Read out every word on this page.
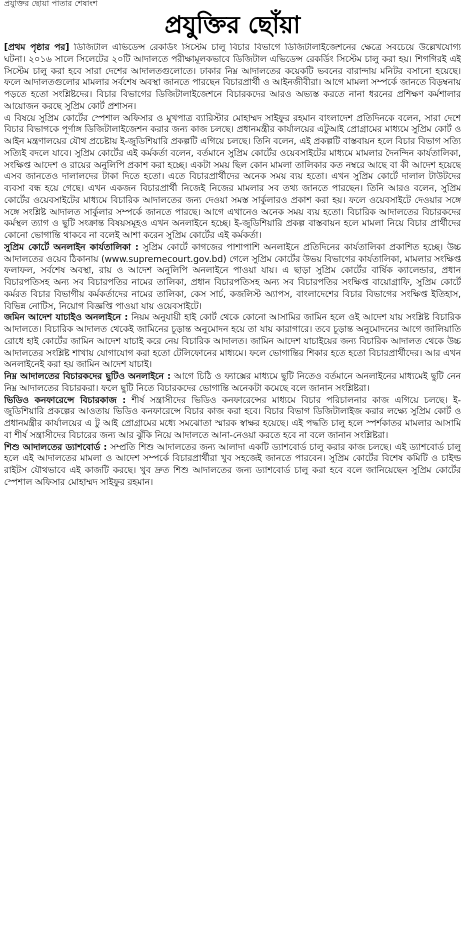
প্রযুক্তির ছোঁয়া পাতার শেষাংশ
প্রযুক্তির ছোঁয়া

[প্রথম পৃষ্ঠার পর] ডিজিটাল এভিডেন্স রেকর্ডিং সিস্টেম চালু বিচার বিভাগে ডিজিটালাইজেশনের ক্ষেত্রে সবচেয়ে উল্লেখযোগ্য ঘটনা। ২০১৬ সালে সিলেটের ২০টি আদালতে পরীক্ষামূলকভাবে ডিজিটাল এভিডেন্স রেকর্ডিং সিস্টেম চালু করা হয়। শিগগিরই এই সিস্টেম চালু করা হবে সারা দেশের আদালতগুলোতে। ঢাকার নিম্ন আদালতের কয়েকটি ভবনের বারান্দায় মনিটর বসানো হয়েছে। ফলে আদালতগুলোর মামলার সর্বশেষ অবস্থা জানতে পারছেন বিচারপ্রার্থী ও আইনজীবীরা। আগে মামলা সম্পর্কে জানতে বিড়ম্বনায় পড়তে হতো সংশ্লিষ্টদের। বিচার বিভাগের ডিজিটালাইজেশনে বিচারকদের আরও অভ্যস্ত করতে নানা ধরনের প্রশিক্ষণ কর্মশালার আয়োজন করছে সুপ্রিম কোর্ট প্রশাসন।

এ বিষয়ে সুপ্রিম কোর্টের স্পেশাল অফিসার ও মুখপাত্র ব্যারিস্টার মোহাম্মদ সাইফুর রহমান বাংলাদেশ প্রতিদিনকে বলেন, সারা দেশে বিচার বিভাগকে পূর্ণাঙ্গ ডিজিটালাইজেশন করার জন্য কাজ চলছে। প্রধানমন্ত্রীর কার্যালয়ের এটুআই প্রোগ্রামের মাধ্যমে সুপ্রিম কোর্ট ও আইন মন্ত্রণালয়ের যৌথ প্রচেষ্টায় ই-জুডিশিয়ারি প্রকল্পটি এগিয়ে চলছে। তিনি বলেন, এই প্রকল্পটি বাস্তবায়ন হলে বিচার বিভাগ সত্যি সত্যিই বদলে যাবে। সুপ্রিম কোর্টের এই কর্মকর্তা বলেন, বর্তমানে সুপ্রিম কোর্টের ওয়েবসাইটের মাধ্যমে মামলার দৈনন্দিন কার্যতালিকা, সংক্ষিপ্ত আদেশ ও রায়ের অনুলিপি প্রকাশ করা হচ্ছে। একটা সময় ছিল কোন মামলা তালিকার কত নম্বরে আছে বা কী আদেশ হয়েছে এসব জানতেও দালালদের টাকা দিতে হতো। এতে বিচারপ্রার্থীদের অনেক সময় ব্যয় হতো। এখন সুপ্রিম কোর্টে দালাল টাউটদের ব্যবসা বন্ধ হয়ে গেছে। এখন একজন বিচারপ্রার্থী নিজেই নিজের মামলার সব তথ্য জানতে পারছেন। তিনি আরও বলেন, সুপ্রিম কোর্টের ওয়েবসাইটের মাধ্যমে বিচারিক আদালতের জন্য দেওয়া সমস্ত সার্কুলারও প্রকাশ করা হয়। ফলে ওয়েবসাইটে দেওয়ার সঙ্গে সঙ্গে সংশ্লিষ্ট আদালত সার্কুলার সম্পর্কে জানতে পারছে। আগে এখানেও অনেক সময় ব্যয় হতো। বিচারিক আদালতের বিচারকদের কর্মস্থল ত্যাগ ও ছুটি সংক্রান্ত বিষয়সমূহও এখন অনলাইনে হচ্ছে। ই-জুডিশিয়ারি প্রকল্প বাস্তবায়ন হলে মামলা নিয়ে বিচার প্রার্থীদের কোনো ভোগান্তি থাকবে না বলেই আশা করেন সুপ্রিম কোর্টের এই কর্মকর্তা।

সুপ্রিম কোর্টে অনলাইন কার্যতালিকা : সুপ্রিম কোর্টে কাগজের পাশাপাশি অনলাইনে প্রতিদিনের কার্যতালিকা প্রকাশিত হচ্ছে। উচ্চ আদালতের ওয়েব ঠিকানায় (www.supremecourt.gov.bd) গেলে সুপ্রিম কোর্টের উভয় বিভাগের কার্যতালিকা, মামলার সংক্ষিপ্ত ফলাফল, সর্বশেষ অবস্থা, রায় ও আদেশ অনুলিপি অনলাইনে পাওয়া যায়। এ ছাড়া সুপ্রিম কোর্টের বার্ষিক ক্যালেন্ডার, প্রধান বিচারপতিসহ অন্য সব বিচারপতির নামের তালিকা, প্রধান বিচারপতিসহ অন্য সব বিচারপতির সংক্ষিপ্ত বায়োগ্রাফি, সুপ্রিম কোর্টে কর্মরত বিচার বিভাগীয় কর্মকর্তাদের নামের তালিকা, কেস সার্চ, কজলিস্ট অ্যাপস, বাংলাদেশের বিচার বিভাগের সংক্ষিপ্ত ইতিহাস, বিভিন্ন নোটিস, নিয়োগ বিজ্ঞপ্তি পাওয়া যায় ওয়েবসাইটে।

জমিন আদেশ যাচাইও অনলাইনে : নিয়ম অনুযায়ী হাই কোর্ট থেকে কোনো আসামির জামিন হলে ওই আদেশ যায় সংশ্লিষ্ট বিচারিক আদালতে। বিচারিক আদালত থেকেই জামিনের চূড়ান্ত অনুমোদন হয়ে তা যায় কারাগারে। তবে চূড়ান্ত অনুমোদনের আগে জালিয়াতি রোধে হাই কোর্টের জামিন আদেশ যাচাই করে নেয় বিচারিক আদালত। জামিন আদেশ যাচাইয়ের জন্য বিচারিক আদালত থেকে উচ্চ আদালতের সংশ্লিষ্ট শাখায় যোগাযোগ করা হতো টেলিফোনের মাধ্যমে। ফলে ভোগান্তির শিকার হতে হতো বিচারপ্রার্থীদের। আর এখন অনলাইনেই করা হয় জামিন আদেশ যাচাই।

নিম্ন আদালতের বিচারকদের ছুটিও অনলাইনে : আগে চিঠি ও ফ্যাক্সের মাধ্যমে ছুটি নিতেও বর্তমানে অনলাইনের মাধ্যমেই ছুটি নেন নিম্ন আদালতের বিচারকরা। ফলে ছুটি নিতে বিচারকদের ভোগান্তি অনেকটা কমেছে বলে জানান সংশ্লিষ্টরা।

ভিডিও কনফারেন্সে বিচারকাজ : শীর্ষ সন্ত্রাসীদের ভিডিও কনফারেন্সের মাধ্যমে বিচার পরিচালনার কাজ এগিয়ে চলছে। ই-জুডিশিয়ারি প্রকল্পের আওতায় ভিডিও কনফারেন্সে বিচার কাজ করা হবে। বিচার বিভাগ ডিজিটালাইজ করার লক্ষ্যে সুপ্রিম কোর্ট ও প্রধানমন্ত্রীর কার্যালয়ের এ টু আই প্রোগ্রামের মধ্যে সমঝোতা স্মারক স্বাক্ষর হয়েছে। এই পদ্ধতি চালু হলে স্পর্শকাতর মামলার আসামি বা শীর্ষ সন্ত্রাসীদের বিচারের জন্য আর ঝুঁকি নিয়ে আদালতে আনা-নেওয়া করতে হবে না বলে জানান সংশ্লিষ্টরা।

শিশু আদালতের ড্যাশবোর্ড : সম্প্রতি শিশু আদালতের জন্য আলাদা একটি ড্যাশবোর্ড চালু করার কাজ চলছে। এই ড্যাশবোর্ড চালু হলে এই আদালতের মামলা ও আদেশ সম্পর্কে বিচারপ্রার্থীরা খুব সহজেই জানতে পারবেন। সুপ্রিম কোর্টের বিশেষ কমিটি ও চাইল্ড রাইটস যৌথভাবে এই কাজটি করছে। খুব দ্রুত শিশু আদালতের জন্য ড্যাশবোর্ড চালু করা হবে বলে জানিয়েছেন সুপ্রিম কোর্টের স্পেশাল অফিসার মোহাম্মদ সাইফুর রহমান।
